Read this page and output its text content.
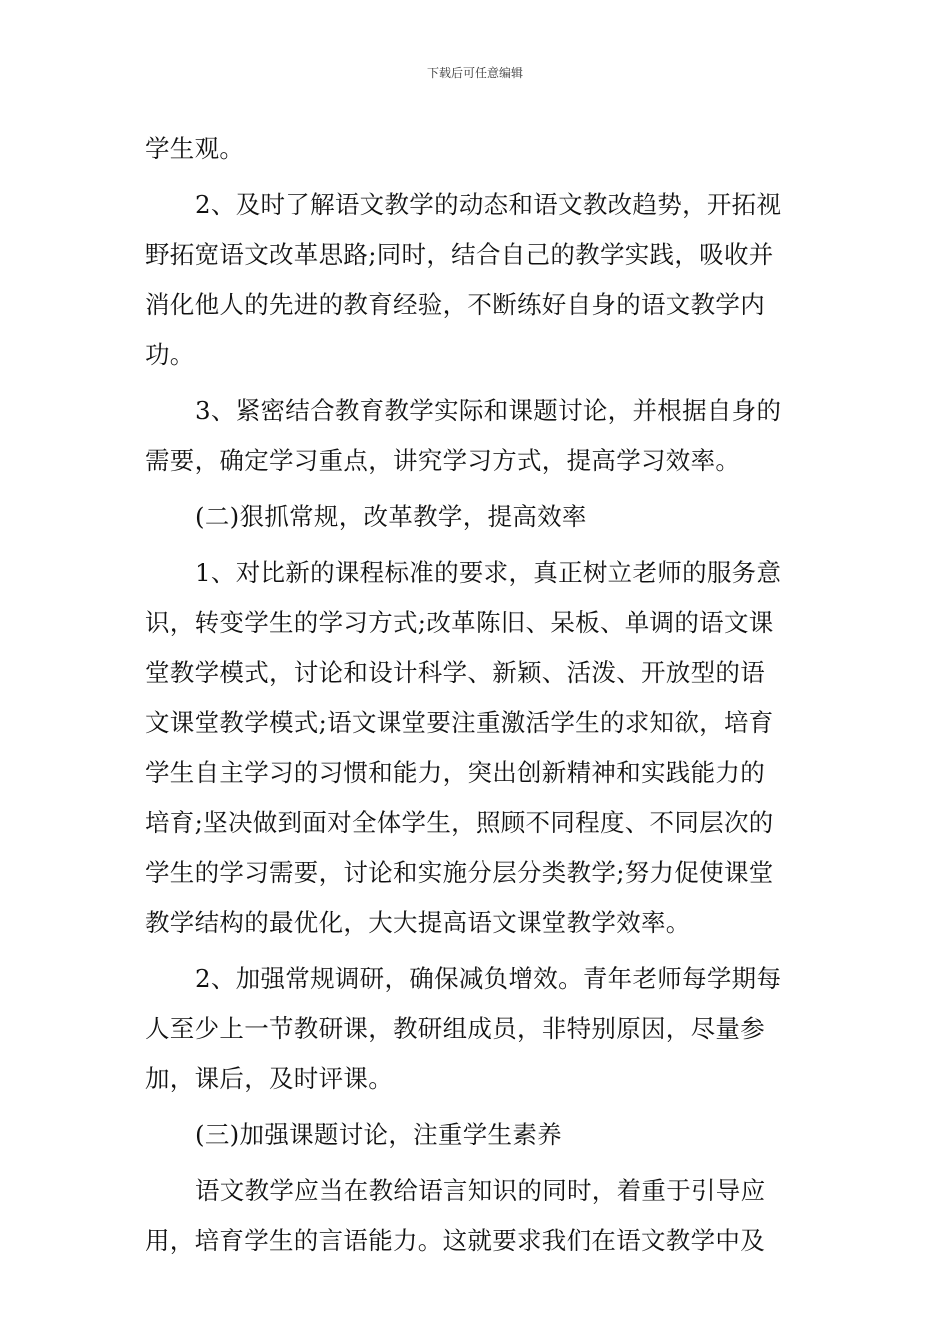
下载后可任意编辑
学生观。
2、及时了解语文教学的动态和语文教改趋势，开拓视
野拓宽语文改革思路;同时，结合自己的教学实践，吸收并
消化他人的先进的教育经验，不断练好自身的语文教学内
功。
3、紧密结合教育教学实际和课题讨论，并根据自身的
需要，确定学习重点，讲究学习方式，提高学习效率。
(二)狠抓常规，改革教学，提高效率
1、对比新的课程标准的要求，真正树立老师的服务意
识，转变学生的学习方式;改革陈旧、呆板、单调的语文课
堂教学模式，讨论和设计科学、新颖、活泼、开放型的语
文课堂教学模式;语文课堂要注重激活学生的求知欲，培育
学生自主学习的习惯和能力，突出创新精神和实践能力的
培育;坚决做到面对全体学生，照顾不同程度、不同层次的
学生的学习需要，讨论和实施分层分类教学;努力促使课堂
教学结构的最优化，大大提高语文课堂教学效率。
2、加强常规调研，确保减负增效。青年老师每学期每
人至少上一节教研课，教研组成员，非特别原因，尽量参
加，课后，及时评课。
(三)加强课题讨论，注重学生素养
语文教学应当在教给语言知识的同时，着重于引导应
用，培育学生的言语能力。这就要求我们在语文教学中及
